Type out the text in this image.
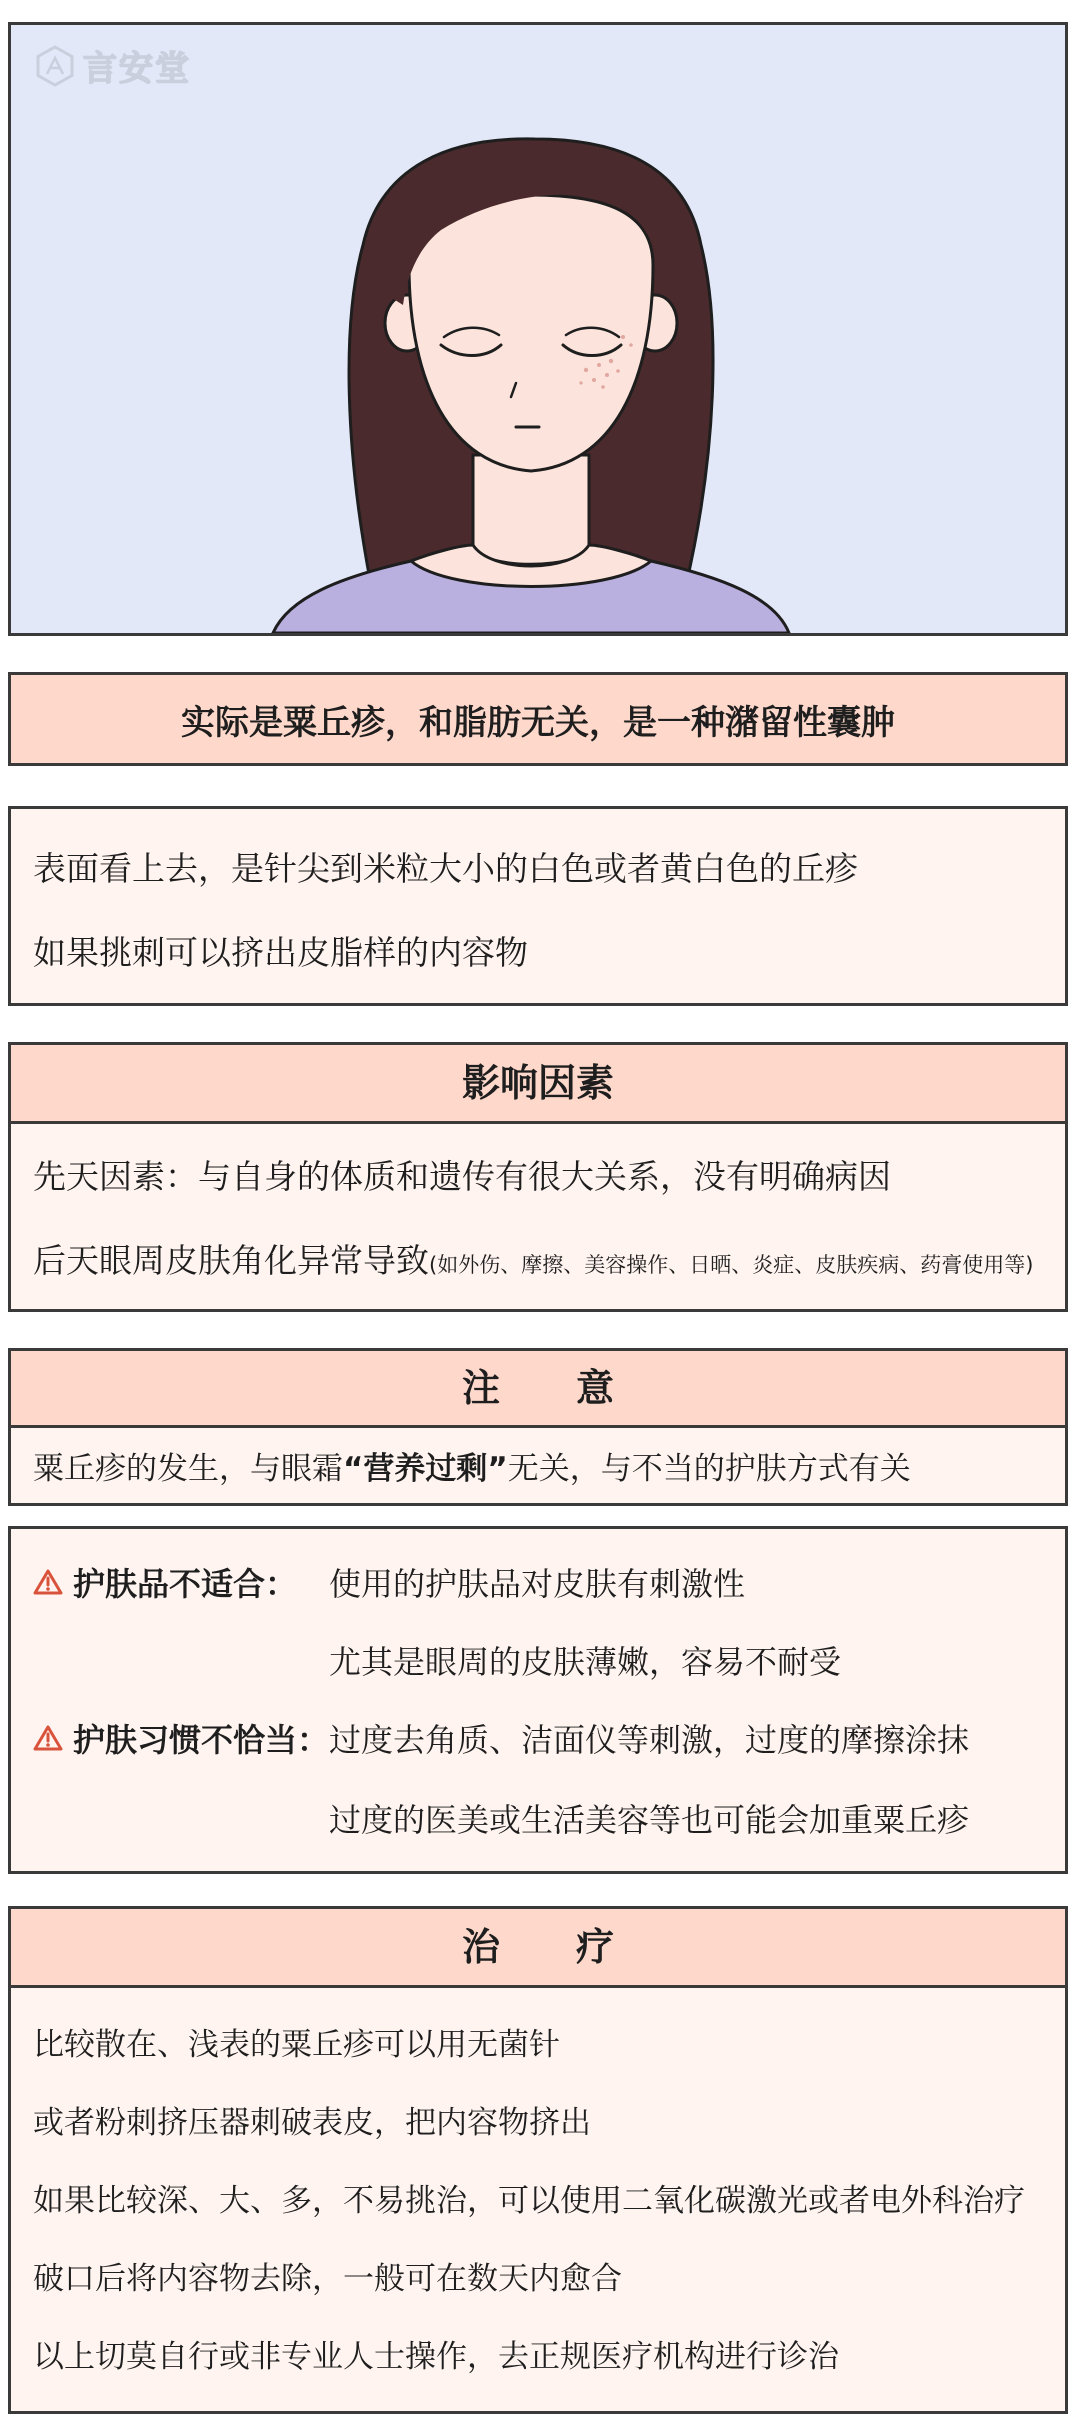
言安堂
实际是粟丘疹，和脂肪无关，是一种潴留性囊肿
表面看上去，是针尖到米粒大小的白色或者黄白色的丘疹
如果挑刺可以挤出皮脂样的内容物
影响因素
先天因素：与自身的体质和遗传有很大关系，没有明确病因
后天眼周皮肤角化异常导致(如外伤、摩擦、美容操作、日晒、炎症、皮肤疾病、药膏使用等)
注　　意
粟丘疹的发生，与眼霜“营养过剩”无关，与不当的护肤方式有关
护肤品不适合： 使用的护肤品对皮肤有刺激性
尤其是眼周的皮肤薄嫩，容易不耐受
护肤习惯不恰当： 过度去角质、洁面仪等刺激，过度的摩擦涂抹
过度的医美或生活美容等也可能会加重粟丘疹
治　　疗
比较散在、浅表的粟丘疹可以用无菌针
或者粉刺挤压器刺破表皮，把内容物挤出
如果比较深、大、多，不易挑治，可以使用二氧化碳激光或者电外科治疗
破口后将内容物去除，一般可在数天内愈合
以上切莫自行或非专业人士操作，去正规医疗机构进行诊治
